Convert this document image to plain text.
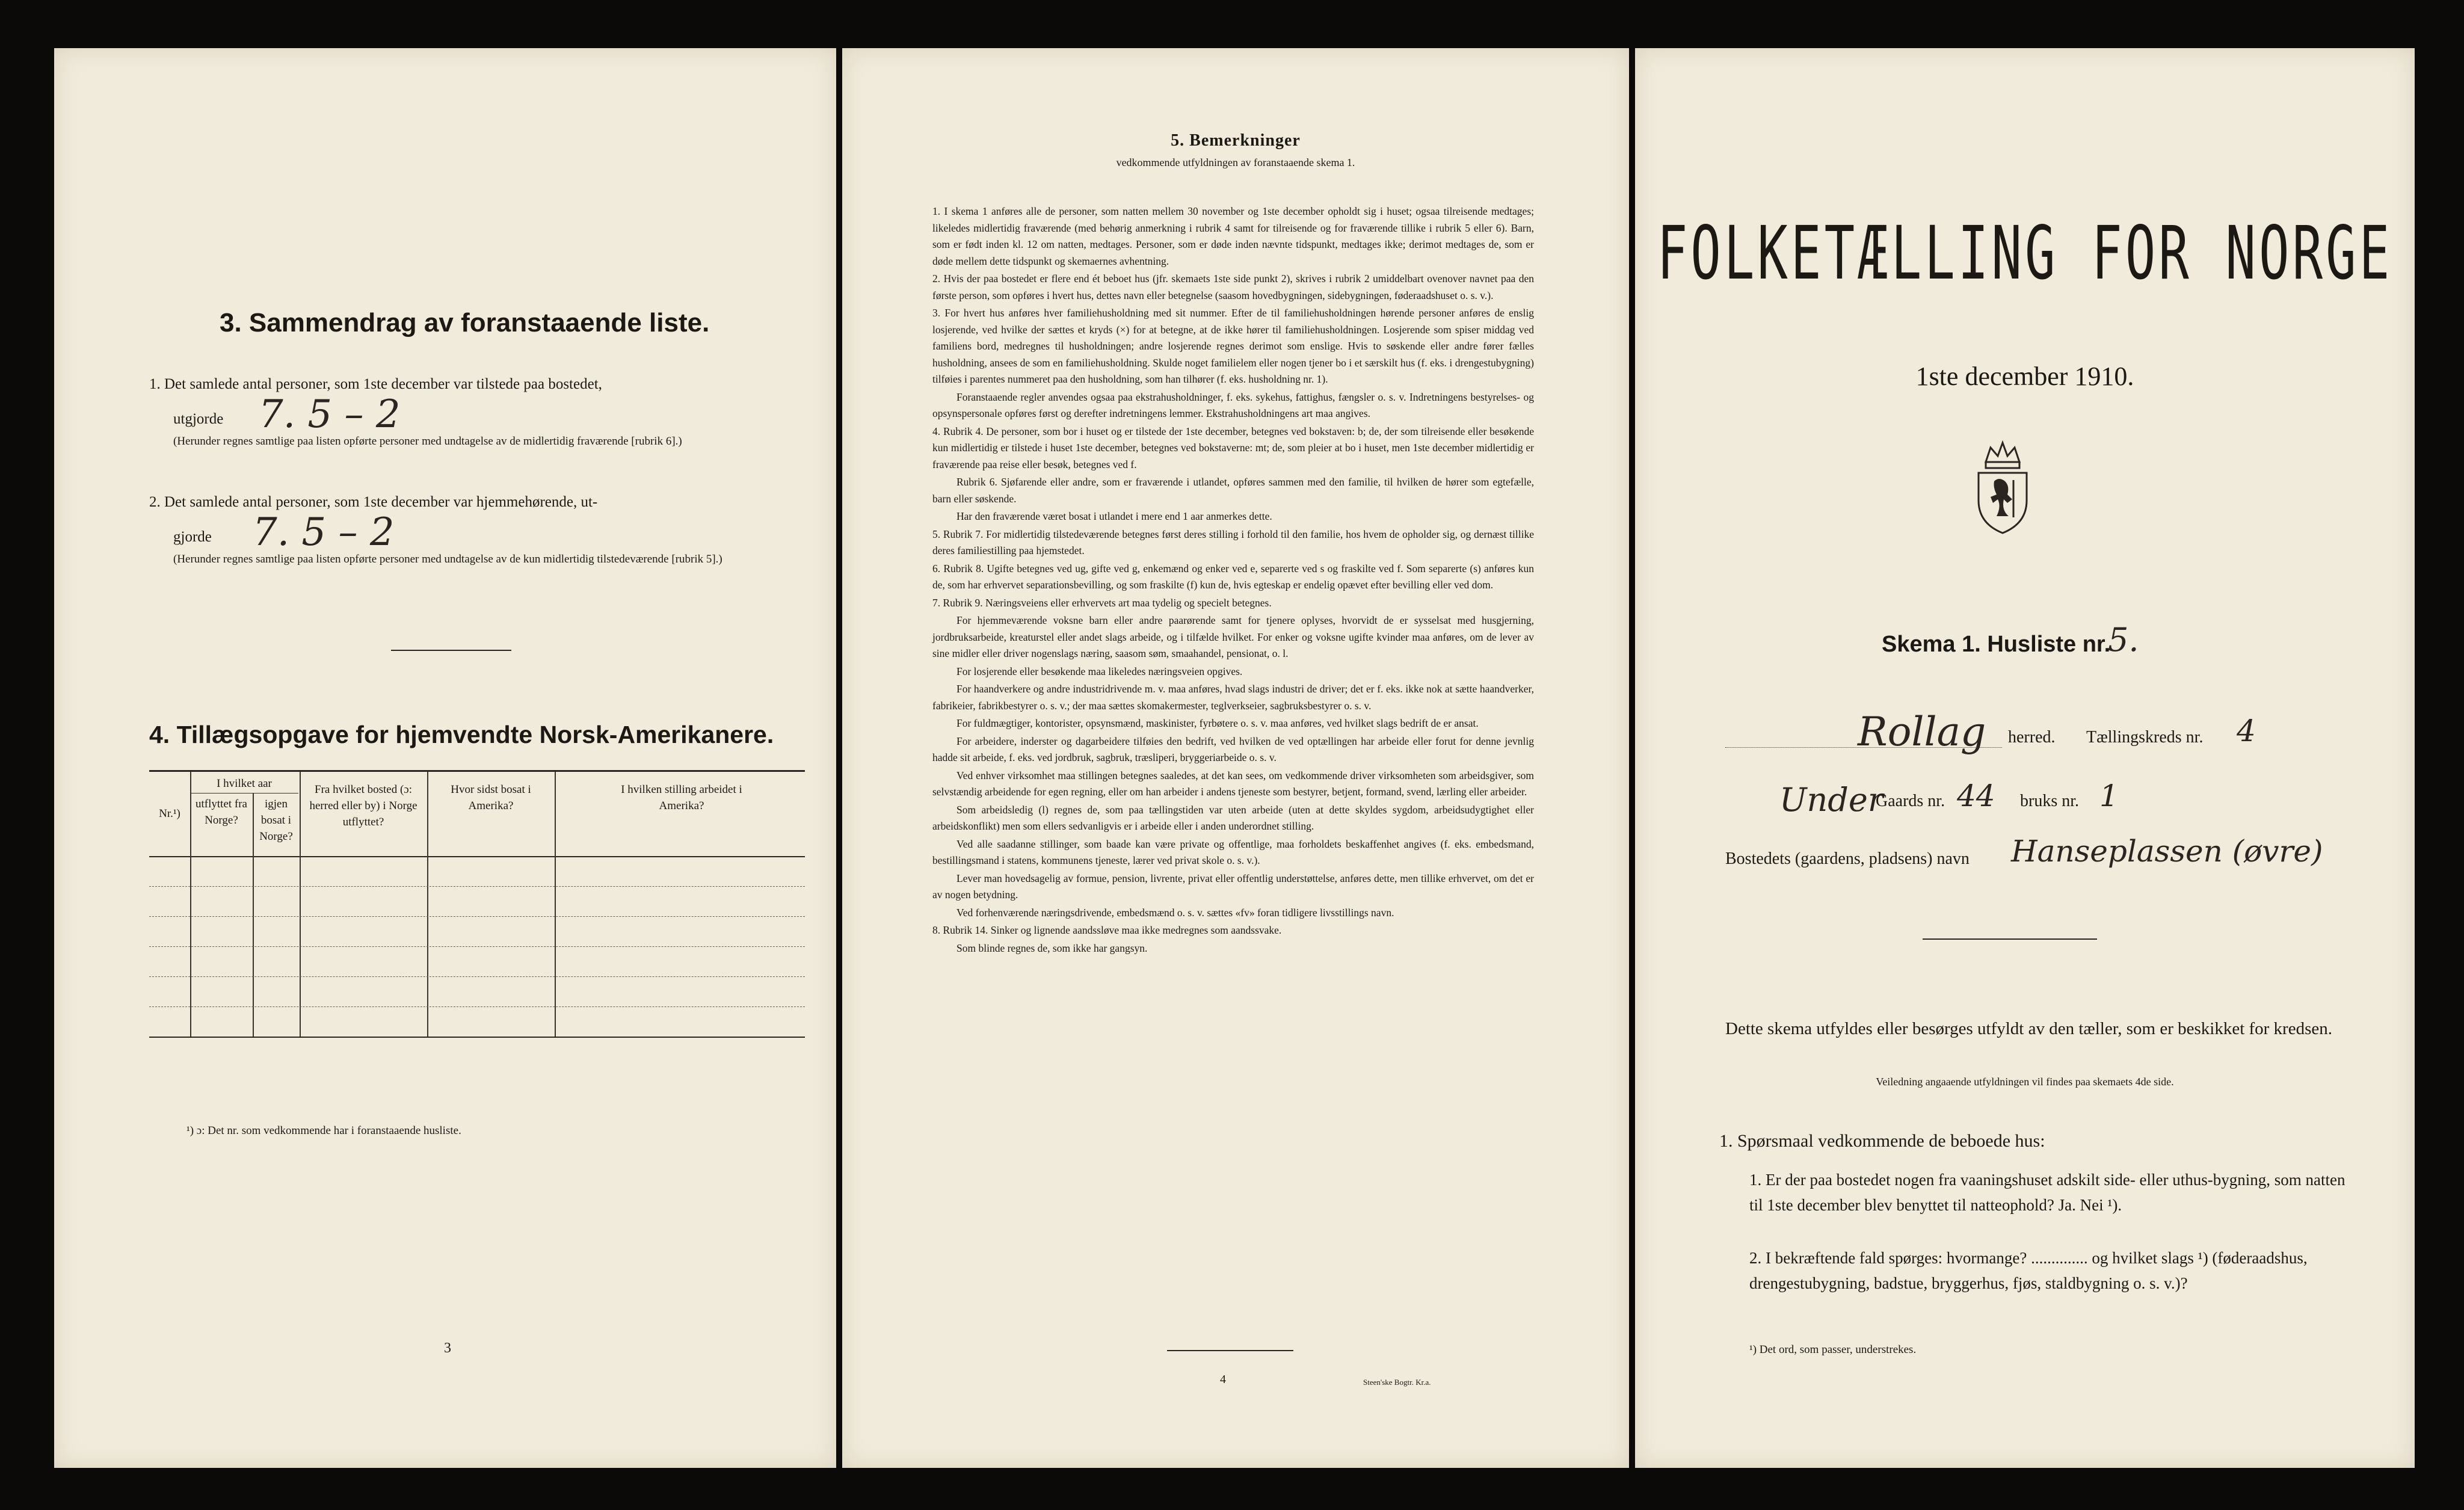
3. Sammendrag av foranstaaende liste.
1. Det samlede antal personer, som 1ste december var tilstede paa bostedet,
utgjorde 7. 5 – 2
(Herunder regnes samtlige paa listen opførte personer med undtagelse av de midlertidig fraværende [rubrik 6].)
2. Det samlede antal personer, som 1ste december var hjemmehørende, ut-
gjorde 7. 5 – 2
(Herunder regnes samtlige paa listen opførte personer med undtagelse av de kun midlertidig tilstedeværende [rubrik 5].)
4. Tillægsopgave for hjemvendte Norsk-Amerikanere.
Nr.¹)
I hvilket aar
utflyttet fra Norge?
igjen bosat i Norge?
Fra hvilket bosted (ɔ: herred eller by) i Norge utflyttet?
Hvor sidst bosat i Amerika?
I hvilken stilling arbeidet i Amerika?
¹) ɔ: Det nr. som vedkommende har i foranstaaende husliste.
3
5. Bemerkninger
vedkommende utfyldningen av foranstaaende skema 1.

1. I skema 1 anføres alle de personer, som natten mellem 30 november og 1ste december opholdt sig i huset; ogsaa tilreisende medtages; likeledes midlertidig fraværende (med behørig anmerkning i rubrik 4 samt for tilreisende og for fraværende tillike i rubrik 5 eller 6). Barn, som er født inden kl. 12 om natten, medtages. Personer, som er døde inden nævnte tidspunkt, medtages ikke; derimot medtages de, som er døde mellem dette tidspunkt og skemaernes avhentning.

2. Hvis der paa bostedet er flere end ét beboet hus (jfr. skemaets 1ste side punkt 2), skrives i rubrik 2 umiddelbart ovenover navnet paa den første person, som opføres i hvert hus, dettes navn eller betegnelse (saasom hovedbygningen, sidebygningen, føderaadshuset o. s. v.).

3. For hvert hus anføres hver familiehusholdning med sit nummer. Efter de til familiehusholdningen hørende personer anføres de enslig losjerende, ved hvilke der sættes et kryds (×) for at betegne, at de ikke hører til familiehusholdningen. Losjerende som spiser middag ved familiens bord, medregnes til husholdningen; andre losjerende regnes derimot som enslige. Hvis to søskende eller andre fører fælles husholdning, ansees de som en familiehusholdning. Skulde noget familielem eller nogen tjener bo i et særskilt hus (f. eks. i drengestubygning) tilføies i parentes nummeret paa den husholdning, som han tilhører (f. eks. husholdning nr. 1).

Foranstaaende regler anvendes ogsaa paa ekstrahusholdninger, f. eks. sykehus, fattighus, fængsler o. s. v. Indretningens bestyrelses- og opsynspersonale opføres først og derefter indretningens lemmer. Ekstrahusholdningens art maa angives.

4. Rubrik 4. De personer, som bor i huset og er tilstede der 1ste december, betegnes ved bokstaven: b; de, der som tilreisende eller besøkende kun midlertidig er tilstede i huset 1ste december, betegnes ved bokstaverne: mt; de, som pleier at bo i huset, men 1ste december midlertidig er fraværende paa reise eller besøk, betegnes ved f.

Rubrik 6. Sjøfarende eller andre, som er fraværende i utlandet, opføres sammen med den familie, til hvilken de hører som egtefælle, barn eller søskende.

Har den fraværende været bosat i utlandet i mere end 1 aar anmerkes dette.

5. Rubrik 7. For midlertidig tilstedeværende betegnes først deres stilling i forhold til den familie, hos hvem de opholder sig, og dernæst tillike deres familiestilling paa hjemstedet.

6. Rubrik 8. Ugifte betegnes ved ug, gifte ved g, enkemænd og enker ved e, separerte ved s og fraskilte ved f. Som separerte (s) anføres kun de, som har erhvervet separationsbevilling, og som fraskilte (f) kun de, hvis egteskap er endelig opævet efter bevilling eller ved dom.

7. Rubrik 9. Næringsveiens eller erhvervets art maa tydelig og specielt betegnes.

For hjemmeværende voksne barn eller andre paarørende samt for tjenere oplyses, hvorvidt de er sysselsat med husgjerning, jordbruksarbeide, kreaturstel eller andet slags arbeide, og i tilfælde hvilket. For enker og voksne ugifte kvinder maa anføres, om de lever av sine midler eller driver nogenslags næring, saasom søm, smaahandel, pensionat, o. l.

For losjerende eller besøkende maa likeledes næringsveien opgives.

For haandverkere og andre industridrivende m. v. maa anføres, hvad slags industri de driver; det er f. eks. ikke nok at sætte haandverker, fabrikeier, fabrikbestyrer o. s. v.; der maa sættes skomakermester, teglverkseier, sagbruksbestyrer o. s. v.

For fuldmægtiger, kontorister, opsynsmænd, maskinister, fyrbøtere o. s. v. maa anføres, ved hvilket slags bedrift de er ansat.

For arbeidere, inderster og dagarbeidere tilføies den bedrift, ved hvilken de ved optællingen har arbeide eller forut for denne jevnlig hadde sit arbeide, f. eks. ved jordbruk, sagbruk, træsliperi, bryggeriarbeide o. s. v.

Ved enhver virksomhet maa stillingen betegnes saaledes, at det kan sees, om vedkommende driver virksomheten som arbeidsgiver, som selvstændig arbeidende for egen regning, eller om han arbeider i andens tjeneste som bestyrer, betjent, formand, svend, lærling eller arbeider.

Som arbeidsledig (l) regnes de, som paa tællingstiden var uten arbeide (uten at dette skyldes sygdom, arbeidsudygtighet eller arbeidskonflikt) men som ellers sedvanligvis er i arbeide eller i anden underordnet stilling.

Ved alle saadanne stillinger, som baade kan være private og offentlige, maa forholdets beskaffenhet angives (f. eks. embedsmand, bestillingsmand i statens, kommunens tjeneste, lærer ved privat skole o. s. v.).

Lever man hovedsagelig av formue, pension, livrente, privat eller offentlig understøttelse, anføres dette, men tillike erhvervet, om det er av nogen betydning.

Ved forhenværende næringsdrivende, embedsmænd o. s. v. sættes «fv» foran tidligere livsstillings navn.

8. Rubrik 14. Sinker og lignende aandssløve maa ikke medregnes som aandssvake.

Som blinde regnes de, som ikke har gangsyn.

4	Steen'ske Bogtr. Kr.a.
FOLKETÆLLING FOR NORGE
1ste december 1910.
Skema 1. Husliste nr.
5.
Rollag herred. Tællingskreds nr. 4
Under
Gaards nr. 44 bruks nr. 1
Bostedets (gaardens, pladsens) navn Hanseplassen (øvre)
Dette skema utfyldes eller besørges utfyldt av den tæller, som er beskikket for kredsen.
Veiledning angaaende utfyldningen vil findes paa skemaets 4de side.
1. Spørsmaal vedkommende de beboede hus:
1. Er der paa bostedet nogen fra vaaningshuset adskilt side- eller uthus-bygning, som natten til 1ste december blev benyttet til natteophold? Ja. Nei ¹).
2. I bekræftende fald spørges: hvormange? .............. og hvilket slags ¹) (føderaadshus, drengestubygning, badstue, bryggerhus, fjøs, staldbygning o. s. v.)?
¹) Det ord, som passer, understrekes.
